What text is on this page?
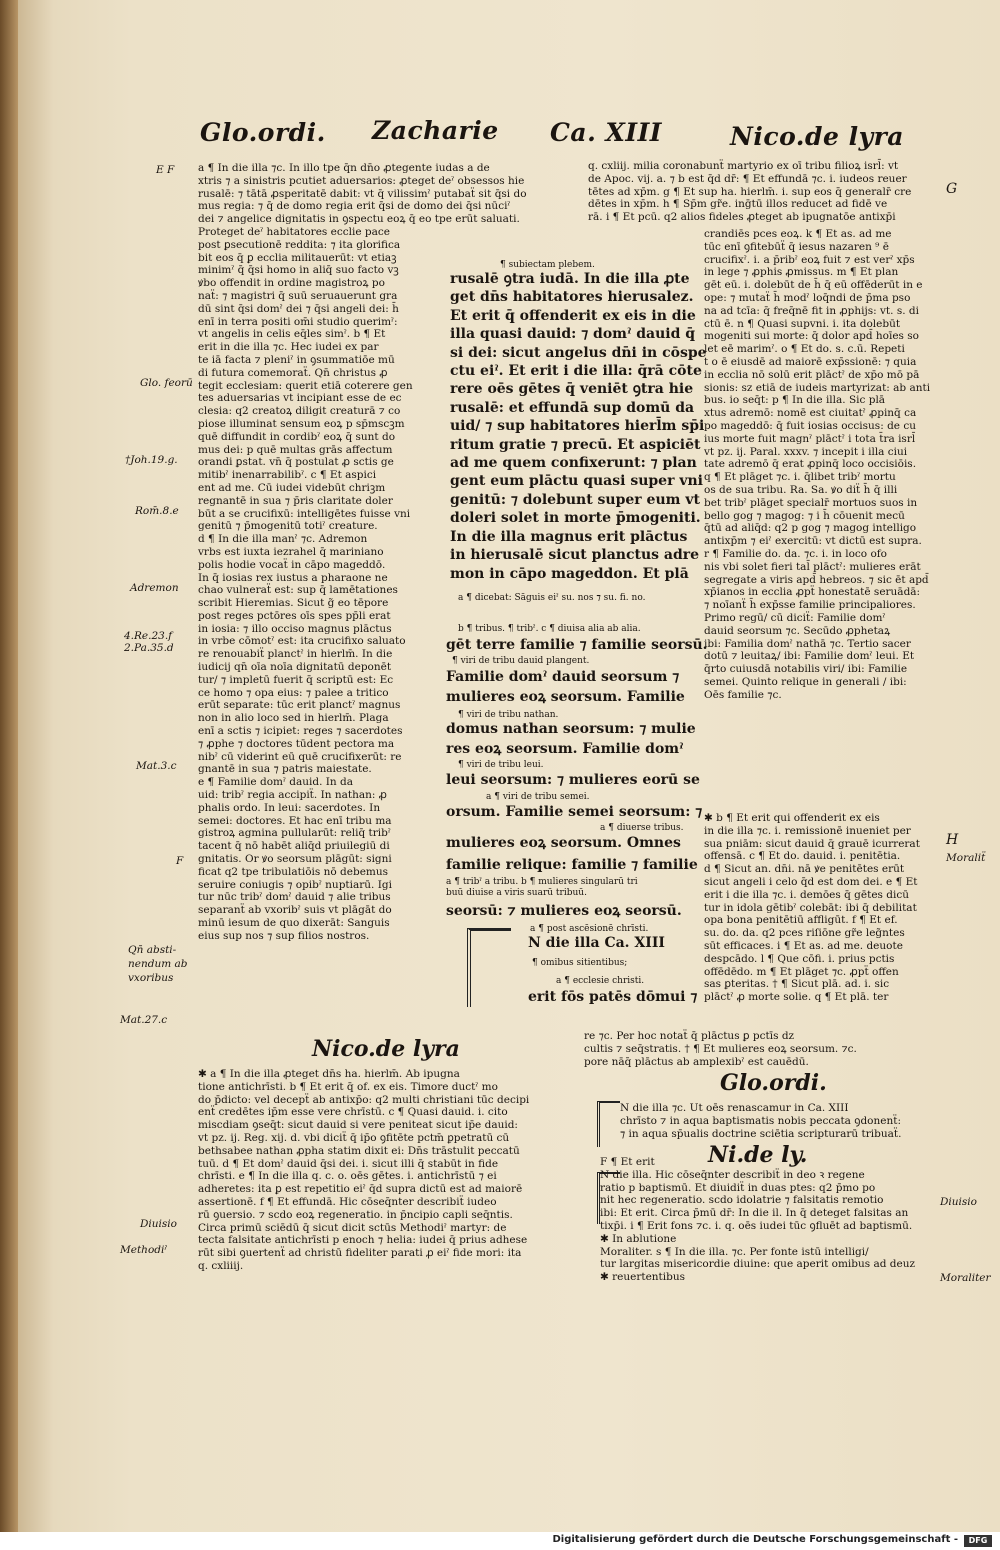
Glo.ordi. Zacharie Ca. XIII	Nico.de lyra
a ¶ In die illa ⁊c. In illo tpe q̄n dn̄o ꝓtegente iudas a de
xtris ⁊ a sinistris pcutiet aduersarios: ꝓteget deˀ obsessos hie
rusalē: ⁊ tātā ꝓsperitatē dabit: vt q̄ vilissimˀ putabaẗ sit q̄si do
mus regia: ⁊ q̄ de domo regia erit q̄si de domo dei q̄si nūciˀ
dei ⁊ angelice dignitatis in ꝯspectu eoꝝ q̄ eo tpe erūt saluati.
Proteget deˀ habitatores ecclie pace
post ꝑsecutionē reddita: ⁊ ita glorifica
bit eos q̄ ꝑ ecclia militauerūt: vt etiaꝫ
minimˀ q̄ q̄si homo in aliq̄ suo facto vꝫ
ꝟbo offendit in ordine magistroꝝ po
naẗ: ⁊ magistri q̄ suū seruauerunt gra
dū sint q̄si domˀ dei ⁊ q̄si angeli dei: h̄
enī in terra positi om̄i studio querimˀ:
vt angelis in celis eq̄les simˀ. b ¶ Et
erit in die illa ⁊c. Hec iudei ex par
te iā facta ⁊ pleniˀ in ꝯsummatiōe mū
di futura comemoraẗ. Qn̄ christus ꝓ
tegit ecclesiam: querit etiā coterere gen
tes aduersarias vt incipiant esse de ec
clesia: q2 creatoꝝ diligit creaturā ⁊ co
piose illuminat sensum eoꝝ p sp̄mscꝫm
quē diffundit in cordibˀ eoꝝ q̄ sunt do
mus dei: p quē multas grās affectum
orandi ꝑstat. vn̄ q̄ postulat ꝓ sctis ge
mitibˀ inenarrabilibˀ. c ¶ Et aspici
ent ad me. Cū iudei videbūt chriꝫm
regnantē in sua ⁊ p̄ris claritate doler
būt a se crucifixū: intelligētes fuisse vni
genitū ⁊ p̄mogenitū totiˀ creature.
d ¶ In die illa manˀ ⁊c. Adremon
vrbs est iuxta iezrahel q̄ mariniano
polis hodie vocaẗ in cāpo mageddō.
In q̄ iosias rex iustus a pharaone ne
chao vulneraẗ est: sup q̄ lamētationes
scribit Hieremias. Sicut g̃ eo tēpore
post reges pctōres oīs spes pp̄li erat
in iosia: ⁊ illo occiso magnus plāctus
in vrbe cōmotˀ est: ita crucifixo saluato
re renouabiẗ planctˀ in hierlm̄. In die
iudicij qn̄ oīa noīa dignitatū deponēt
tur/ ⁊ impletū fuerit q̄ scriptū est: Ec
ce homo ⁊ opa eius: ⁊ palee a tritico
erūt separate: tūc erit planctˀ magnus
non in alio loco sed in hierlm̄. Plaga
enī a sctis ⁊ icipiet: reges ⁊ sacerdotes
⁊ ꝓphe ⁊ doctores tūdent pectora ma
nibˀ cū viderint eū quē crucifixerūt: re
gnantē in sua ⁊ patris maiestate.
e ¶ Familie domˀ dauid. In da
uid: tribˀ regia accipiẗ. In nathan: ꝓ
phalis ordo. In leui: sacerdotes. In
semei: doctores. Et hac enī tribu ma
gistroꝝ agmina pullularūt: reliq̄ tribˀ
tacent q̄ nō habēt aliq̄d priuilegiū di
gnitatis. Or ꝟo seorsum plāgūt: signi
ficat q2 tpe tribulatiōis nō debemus
seruire coniugis ⁊ opibˀ nuptiarū. Igi
tur nūc tribˀ domˀ dauid ⁊ alie tribus
separanẗ ab vxoribˀ suis vt plāgāt do
minū iesum de quo dixerāt: Sanguis
eius sup nos ⁊ sup filios nostros.
E F
Glo. feorū
†Joh.19.g.
Rom̄.8.e
Adremon
4.Re.23.f
2.Pa.35.d
Mat.3.c
F
Qn̄ absti-
nendum ab
vxoribus
Mat.27.c
Diuisio
Methodiˀ
q. cxliij. milia coronabunẗ martyrio ex oī tribu filioꝝ isrl̄: vt
de Apoc. vij. a. ⁊ b est q̄d dr̄: ¶ Et effundā ⁊c. i. iudeos reuer
tētes ad xp̄m. g ¶ Et sup ha. hierlm̄. i. sup eos q̄ generalr̄ cre
dētes in xp̄m. h ¶ Sp̄m gr̃e. inḡtū illos reducet ad fidē ve
rā. i ¶ Et pcū. q2 alios fideles ꝓteget ab ipugnatōe antixp̄i
¶ subiectam plebem.
rusalē ꝯtra iudā. In die illa ꝓte
get dn̄s habitatores hierusalez.
Et erit q̄ offenderit ex eis in die
illa quasi dauid: ⁊ domˀ dauid q̄
si dei: sicut angelus dn̄i in cōspe
ctu eiˀ. Et erit i die illa: q̄rā cōte
rere oēs gētes q̄ veniēt ꝯtra hie
rusalē: et effundā sup domū da
uid/ ⁊ sup habitatores hierl̄m sp̄i
ritum gratie ⁊ precū. Et aspiciēt
ad me quem confixerunt: ⁊ plan
gent eum plāctu quasi super vni
genitū: ⁊ dolebunt super eum vt
doleri solet in morte p̄mogeniti.
In die illa magnus erit plāctus
in hierusalē sicut planctus adre
mon in cāpo mageddon. Et plā
a ¶ dicebat: Sāguis eiˀ su. nos ⁊ su. fi. no.
b ¶ tribus. ¶ tribˀ. c ¶ diuisa alia ab alia.
gēt terre familie ⁊ familie seorsū.
¶ viri de tribu dauid plangent.
Familie domˀ dauid seorsum ⁊
mulieres eoꝝ seorsum. Familie
¶ viri de tribu nathan.
domus nathan seorsum: ⁊ mulie
res eoꝝ seorsum. Familie domˀ
¶ viri de tribu leui.
leui seorsum: ⁊ mulieres eorū se
a ¶ viri de tribu semei.
orsum. Familie semei seorsum: ⁊
a ¶ diuerse tribus.
mulieres eoꝝ seorsum. Omnes
familie relique: familie ⁊ familie
a ¶ tribˀ a tribu. b ¶ mulieres singularū tri
buū diuise a viris suarū tribuū.
seorsū: ⁊ mulieres eoꝝ seorsū.
a ¶ post ascēsionē chrīsti.
N die illa Ca. XIII
¶ omibus sitientibus;
a ¶ ecclesie christi.
erit fōs patēs dōmui ⁊
crandiēs pces eoꝝ. k ¶ Et as. ad me
tūc enī ꝯfitebūẗ q̄ iesus nazaren ⁹ ē
crucifixˀ. i. a p̄ribˀ eoꝝ fuit ⁊ est verˀ xp̄s
in lege ⁊ ꝓphis ꝓmissus. m ¶ Et plan
gēt eū. i. dolebūt de h̄ q̄ eū offēderūt in e
ope: ⁊ mutaẗ h̄ modˀ loq̄ndi de p̄ma pso
na ad tcīa: q̄ freq̄nē fit in ꝓphijs: vt. s. di
ctū ē. n ¶ Quasi supvni. i. ita dolebūt
mogeniti sui morte: q̄ dolor apd̄ hoīes so
let eē marimˀ. o ¶ Et do. s. c.ū. Repeti
t o ē eiusdē ad maiorē exp̄ssionē: ⁊ quia
in ecclia nō solū erit plāctˀ de xp̄o mō pā
sionis: sz etiā de iudeis martyrizat: ab anti
bus. io seq̄t: p ¶ In die illa. Sic plā
xtus adremō: nomē est ciuitatˀ ꝓpinq̄ ca
po mageddō: q̄ fuit iosias occisus: de cu
ius morte fuit magnˀ plāctˀ i tota t̄ra isrl̄
vt pz. ij. Paral. xxxv. ⁊ incepit i illa ciui
tate adremō q̄ erat ꝓpinq̄ loco occisiōis.
q ¶ Et plāget ⁊c. i. q̄libet tribˀ mortu
os de sua tribu. Ra. Sa. ꝟo diẗ h̄ q̄ illi
bet tribˀ plāget specialr̄ mortuos suos in
bello gog ⁊ magog: ⁊ i h̄ cōuenit mecū
q̄tū ad aliq̄d: q2 p gog ⁊ magog intelligo
antixp̄m ⁊ eiˀ exercitū: vt dictū est supra.
r ¶ Familie do. da. ⁊c. i. in loco ofo
nis vbi solet fieri tal̄ plāctˀ: mulieres erāt
segregate a viris apd̄ hebreos. ⁊ sic ēt apd̄
xp̄ianos in ecclia ꝓpẗ honestatē seruādā:
⁊ noīanẗ h̄ exp̄sse familie principaliores.
Primo regū/ cū diciẗ: Familie domˀ
dauid seorsum ⁊c. Secūdo ꝓphetaꝝ
ibi: Familia domˀ nathā ⁊c. Tertio sacer
dotū ⁊ leuitaꝝ/ ibi: Familie domˀ leui. Et
q̄rto cuiusdā notabilis viri/ ibi: Familie
semei. Quinto relique in generali / ibi:
Oēs familie ⁊c.
✱ b ¶ Et erit qui offenderit ex eis
in die illa ⁊c. i. remissionē inueniet per
sua pniām: sicut dauid q̄ grauē icurrerat
offensā. c ¶ Et do. dauid. i. penitētia.
d ¶ Sicut an. dn̄i. nā ꝟe penitētes erūt
sicut angeli i celo q̄d est dom dei. e ¶ Et
erit i die illa ⁊c. i. demōes q̄ gētes dicū
tur in idola gētibˀ colebāt: ibi q̄ debilitat
opa bona penitētiū affligūt. f ¶ Et ef.
su. do. da. q2 pces riſiōne gr̃e leg̃ntes
sūt efficaces. i ¶ Et as. ad me. deuote
despcādo. l ¶ Que cōfi. i. prius pctis
offēdēdo. m ¶ Et plāget ⁊c. ꝓpẗ offen
sas ꝑteritas. † ¶ Sicut plā. ad. i. sic
plāctˀ ꝓ morte solie. q ¶ Et plā. ter
re ⁊c. Per hoc notaẗ q̄ plāctus ꝑ pctīs dz
cultis ⁊ seq̄stratis. † ¶ Et mulieres eoꝝ seorsum. ⁊c.
pore nāq̄ plāctus ab amplexibˀ est cauēdū.
G
H
Moraliẗ
Nico.de lyra
✱ a ¶ In die illa ꝓteget dn̄s ha. hierlm̄. Ab ipugna
tione antichrīsti. b ¶ Et erit q̄ of. ex eis. Timore ductˀ mo
do p̄dicto: vel decepẗ ab antixp̄o: q2 multi christiani tūc decipi
enẗ credētes ip̄m esse vere chrīstū. c ¶ Quasi dauid. i. cito
miscdiam ꝯseq̄t: sicut dauid si vere peniteat sicut ip̄e dauid:
vt pz. ij. Reg. xij. d. vbi diciẗ q̄ ip̄o ꝯfitēte pctm̄ ꝑpetratū cū
bethsabee nathan ꝓpha statim dixit ei: Dn̄s trāstulit peccatū
tuū. d ¶ Et domˀ dauid q̄si dei. i. sicut illi q̄ stabūt in fide
chrīsti. e ¶ In die illa q. c. o. oēs gētes. i. antichrīstū ⁊ ei
adheretes: ita ꝑ est repetitio eiˀ q̄d supra dictū est ad maiorē
assertionē. f ¶ Et effundā. Hic cōseq̄nter describiẗ iudeo
rū ꝯuersio. ⁊ scdo eoꝝ regeneratio. in p̄ncipio capli seq̄ntis.
Circa primū sciēdū q̄ sicut dicit sctūs Methodiˀ martyr: de
tecta falsitate antichrīsti p enoch ⁊ helia: iudei q̄ prius adhese
rūt sibi ꝯuertenẗ ad christū fideliter parati ꝓ eiˀ fide mori: ita
q. cxliiij.
Glo.ordi.
N die illa ⁊c. Ut oēs renascamur in Ca. XIII
chrīsto ⁊ in aqua baptismatis nobis peccata ꝯdonenẗ:
⁊ in aqua sp̄ualis doctrine sciētia scripturarū tribuaẗ.
Ni.de ly.
F ¶ Et erit
N die illa. Hic cōseq̄nter describiẗ in deo ꝛ regene
ratio p baptismū. Et diuidiẗ in duas ptes: q2 p̄mo po
nit hec regeneratio. scdo idolatrie ⁊ falsitatis remotio
ibi: Et erit. Circa p̄mū dr̄: In die il. In q̄ deteget falsitas an
tixp̄i. i ¶ Erit fons ⁊c. i. q. oēs iudei tūc ꝯfluēt ad baptismū.
✱ In ablutione
Moraliter. s ¶ In die illa. ⁊c. Per fonte istū intelligi/
tur largitas misericordie diuine: que aperit omibus ad deuz
✱ reuertentibus
Diuisio
Moraliter
Digitalisierung gefördert durch die Deutsche Forschungsgemeinschaft -	DFG
